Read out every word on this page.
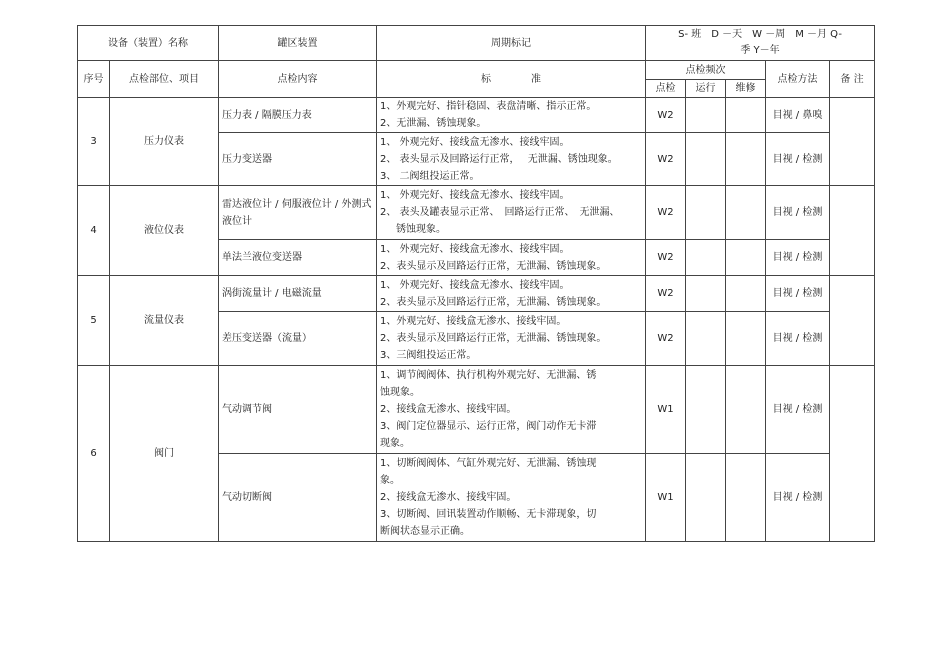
设备（装置）名称		罐区装置	周期标记	S- 班　D －天　W －周　M －月 Q-
季 Y－年				

序号	点检部位、项目	点检内容	标　　　　准	点检频次			点检方法	备 注
				点检	运行	维修		
3	压力仪表	压力表 / 隔膜压力表	1、外观完好、指针稳固、表盘清晰、指示正常。

2、无泄漏、锈蚀现象。	W2			目视 / 鼻嗅	
		压力变送器	1、 外观完好、接线盒无渗水、接线牢固。

2、 表头显示及回路运行正常，　 无泄漏、锈蚀现象。

3、 二阀组投运正常。	W2			目视 / 检测	
4	液位仪表	雷达液位计 / 伺服液位计 / 外测式液位计	1、 外观完好、接线盒无渗水、接线牢固。

2、 表头及罐表显示正常、　回路运行正常、　无泄漏、

锈蚀现象。	W2			目视 / 检测	
		单法兰液位变送器	1、 外观完好、接线盒无渗水、接线牢固。

2、表头显示及回路运行正常，无泄漏、锈蚀现象。	W2			目视 / 检测	
5	流量仪表	涡街流量计 / 电磁流量	1、 外观完好、接线盒无渗水、接线牢固。

2、表头显示及回路运行正常，无泄漏、锈蚀现象。	W2			目视 / 检测	
		差压变送器（流量）	1、外观完好、接线盒无渗水、接线牢固。

2、表头显示及回路运行正常，无泄漏、锈蚀现象。

3、三阀组投运正常。	W2			目视 / 检测	
6	阀门	气动调节阀	1、调节阀阀体、执行机构外观完好、无泄漏、锈

蚀现象。

2、接线盒无渗水、接线牢固。

3、阀门定位器显示、运行正常，阀门动作无卡滞

现象。	W1			目视 / 检测	
		气动切断阀	1、切断阀阀体、气缸外观完好、无泄漏、锈蚀现

象。

2、接线盒无渗水、接线牢固。

3、切断阀、回讯装置动作顺畅、无卡滞现象，切

断阀状态显示正确。	W1			目视 / 检测	
